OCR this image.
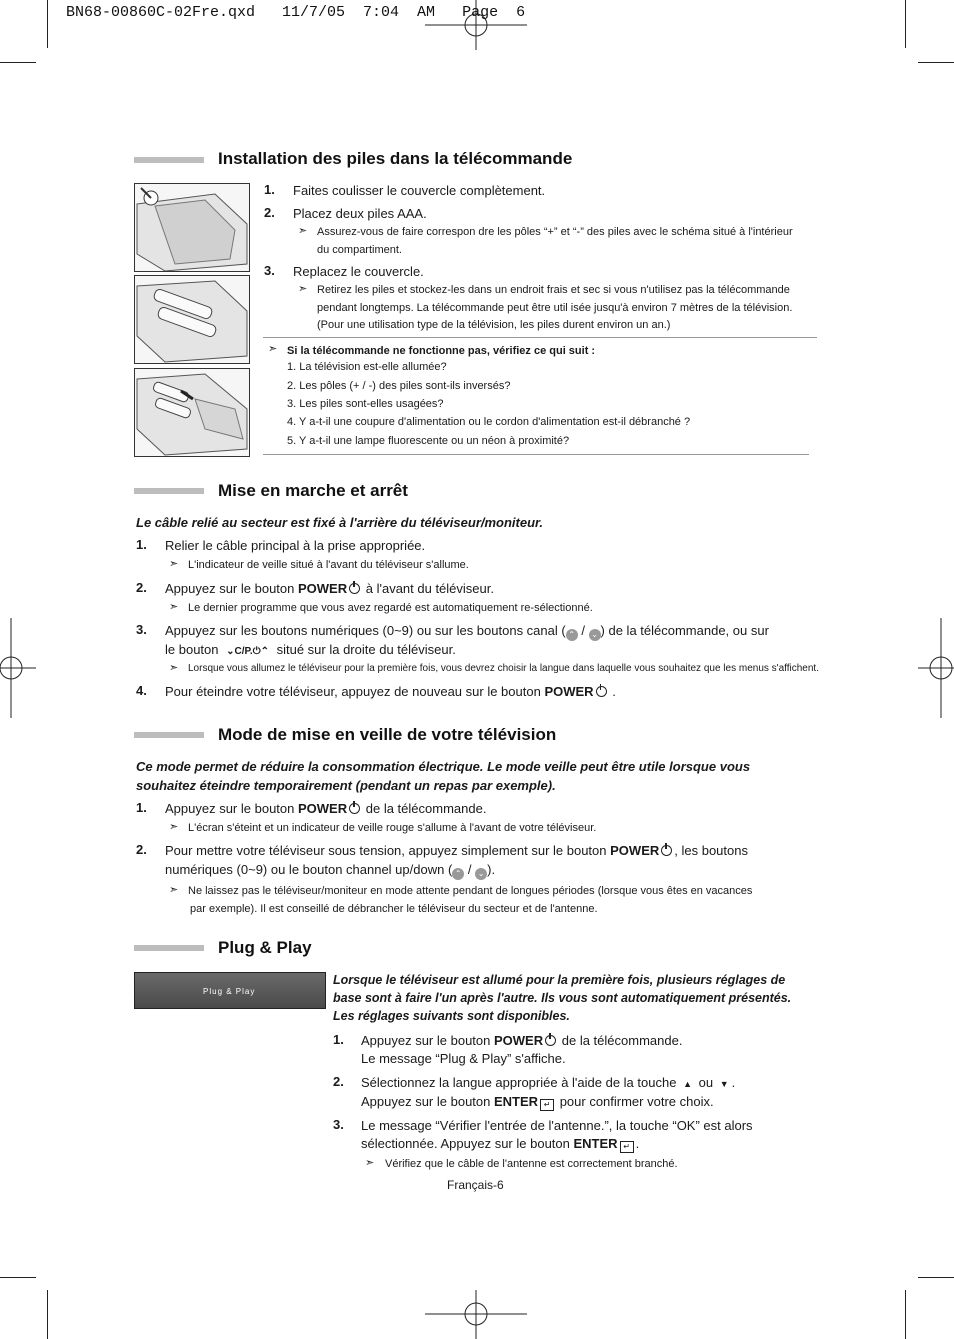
BN68-00860C-02Fre.qxd   11/7/05  7:04  AM   Page  6
Installation des piles dans la télécommande
1. Faites coulisser le couvercle complètement.
2. Placez deux piles AAA.
➣ Assurez-vous de faire correspon dre les pôles “+” et “-” des piles avec le schéma situé à l'intérieur
du compartiment.
3. Replacez le couvercle.
➣ Retirez les piles et stockez-les dans un endroit frais et sec si vous n'utilisez pas la télécommande
pendant longtemps. La télécommande peut être util isée jusqu'à environ 7 mètres de la télévision.
(Pour une utilisation type de la télévision, les piles durent environ un an.)
➣ Si la télécommande ne fonctionne pas, vérifiez ce qui suit :
1. La télévision est-elle allumée?
2. Les pôles (+ / -) des piles sont-ils inversés?
3. Les piles sont-elles usagées?
4. Y a-t-il une coupure d'alimentation ou le cordon d'alimentation est-il débranché ?
5. Y a-t-il une lampe fluorescente ou un néon à proximité?
Mise en marche et arrêt
Le câble relié au secteur est fixé à l'arrière du téléviseur/moniteur.
1. Relier le câble principal à la prise appropriée.
➣ L'indicateur de veille situé à l'avant du téléviseur s'allume.
2. Appuyez sur le bouton POWER à l'avant du téléviseur.
➣ Le dernier programme que vous avez regardé est automatiquement re-sélectionné.
3. Appuyez sur les boutons numériques (0~9) ou sur les boutons canal ( ⌃ / ⌄ ) de la télécommande, ou sur
le bouton ⌄C/P.⏻⌃ situé sur la droite du téléviseur.
➣ Lorsque vous allumez le téléviseur pour la première fois, vous devrez choisir la langue dans laquelle vous souhaitez que les menus s'affichent.
4. Pour éteindre votre téléviseur, appuyez de nouveau sur le bouton POWER .
Mode de mise en veille de votre télévision
Ce mode permet de réduire la consommation électrique. Le mode veille peut être utile lorsque vous
souhaitez éteindre temporairement (pendant un repas par exemple).
1. Appuyez sur le bouton POWER de la télécommande.
➣ L'écran s'éteint et un indicateur de veille rouge s'allume à l'avant de votre téléviseur.
2. Pour mettre votre téléviseur sous tension, appuyez simplement sur le bouton POWER , les boutons
numériques (0~9) ou le bouton channel up/down ( ⌃ / ⌄ ).
➣ Ne laissez pas le téléviseur/moniteur en mode attente pendant de longues périodes (lorsque vous êtes en vacances
par exemple). Il est conseillé de débrancher le téléviseur du secteur et de l'antenne.
Plug & Play
Plug & Play
Lorsque le téléviseur est allumé pour la première fois, plusieurs réglages de
base sont à faire l'un après l'autre. Ils vous sont automatiquement présentés.
Les réglages suivants sont disponibles.
1. Appuyez sur le bouton POWER de la télécommande.
Le message “Plug & Play” s'affiche.
2. Sélectionnez la langue appropriée à l'aide de la touche ▲ ou ▼ .
Appuyez sur le bouton ENTER ↵ pour confirmer votre choix.
3. Le message “Vérifier l'entrée de l'antenne.”, la touche “OK” est alors
sélectionnée. Appuyez sur le bouton ENTER ↵ .
➣ Vérifiez que le câble de l'antenne est correctement branché.
Français-6
